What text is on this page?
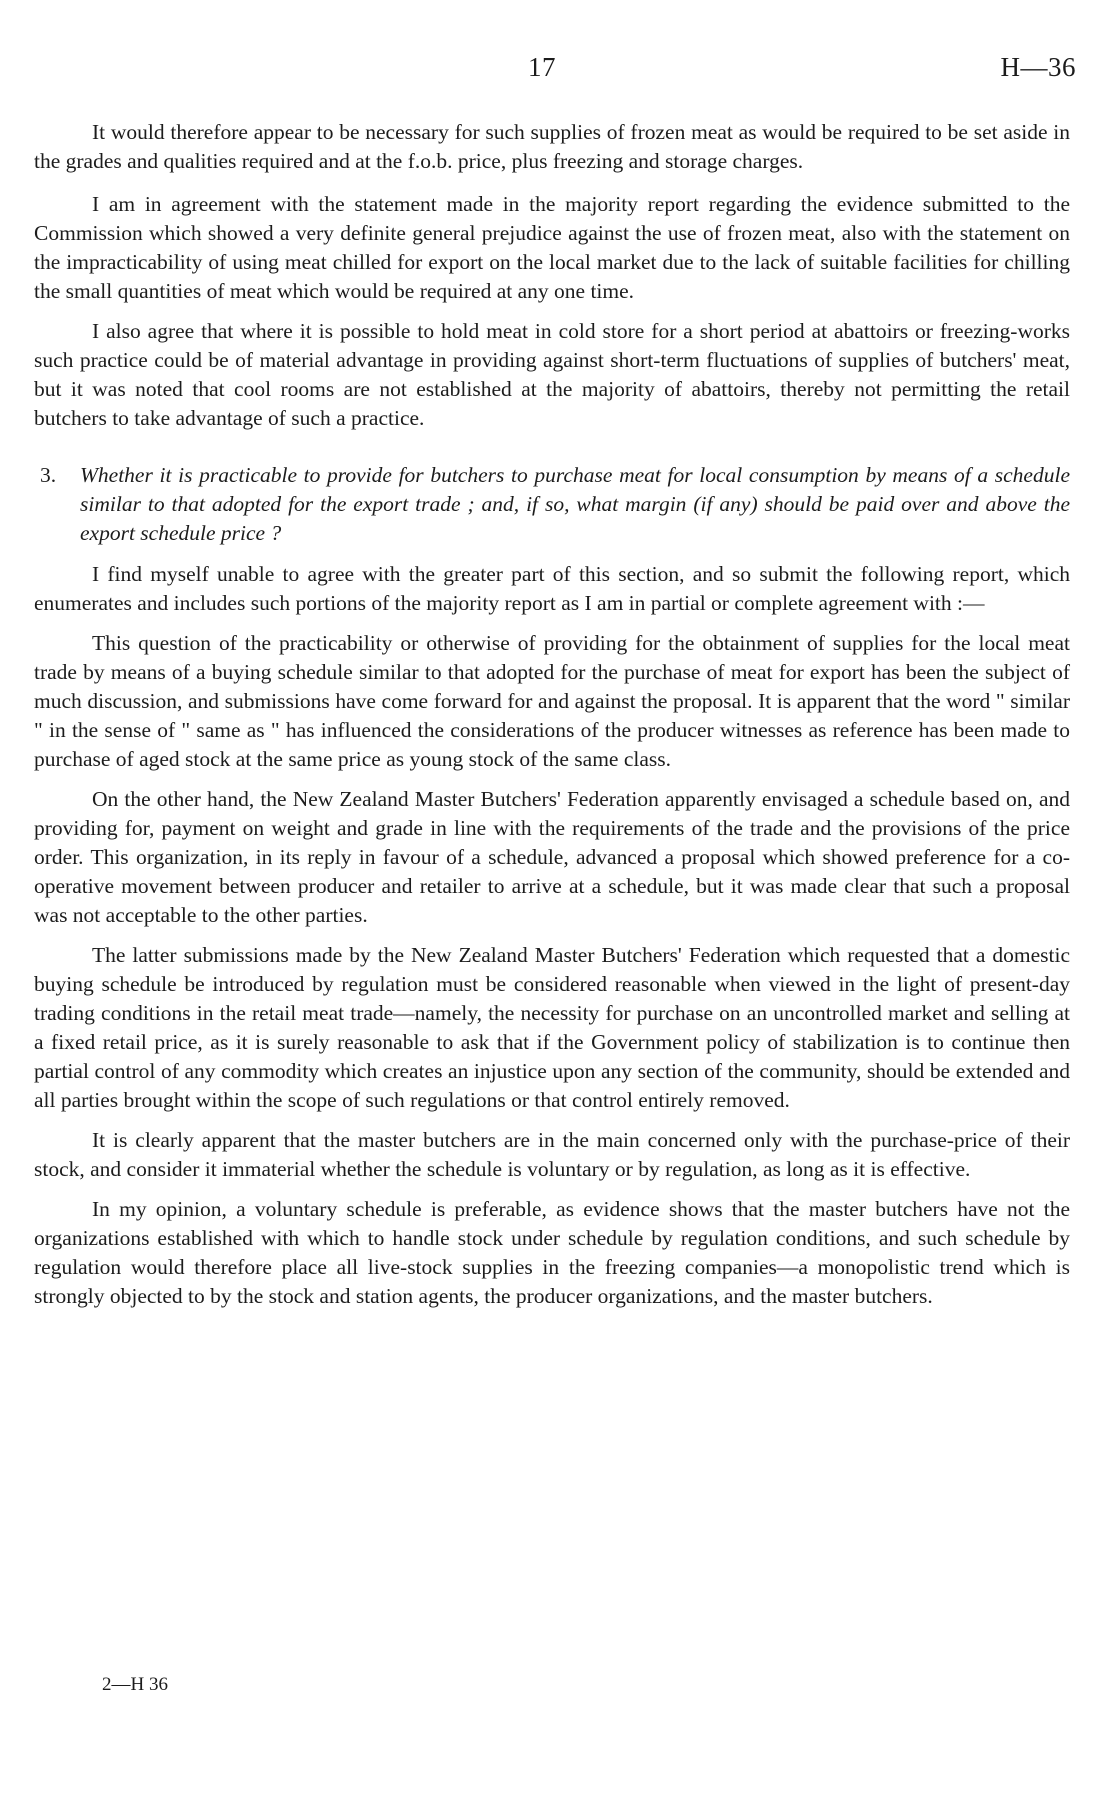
17	H—36

It would therefore appear to be necessary for such supplies of frozen meat as would be required to be set aside in the grades and qualities required and at the f.o.b. price, plus freezing and storage charges.

I am in agreement with the statement made in the majority report regarding the evidence submitted to the Commission which showed a very definite general prejudice against the use of frozen meat, also with the statement on the impracticability of using meat chilled for export on the local market due to the lack of suitable facilities for chilling the small quantities of meat which would be required at any one time.

I also agree that where it is possible to hold meat in cold store for a short period at abattoirs or freezing-works such practice could be of material advantage in providing against short-term fluctuations of supplies of butchers' meat, but it was noted that cool rooms are not established at the majority of abattoirs, thereby not permitting the retail butchers to take advantage of such a practice.

3.	Whether it is practicable to provide for butchers to purchase meat for local consumption by means of a schedule similar to that adopted for the export trade ; and, if so, what margin (if any) should be paid over and above the export schedule price ?

I find myself unable to agree with the greater part of this section, and so submit the following report, which enumerates and includes such portions of the majority report as I am in partial or complete agreement with :—

This question of the practicability or otherwise of providing for the obtainment of supplies for the local meat trade by means of a buying schedule similar to that adopted for the purchase of meat for export has been the subject of much discussion, and submissions have come forward for and against the proposal. It is apparent that the word " similar " in the sense of " same as " has influenced the considerations of the producer witnesses as reference has been made to purchase of aged stock at the same price as young stock of the same class.

On the other hand, the New Zealand Master Butchers' Federation apparently envisaged a schedule based on, and providing for, payment on weight and grade in line with the requirements of the trade and the provisions of the price order. This organization, in its reply in favour of a schedule, advanced a proposal which showed preference for a co-operative movement between producer and retailer to arrive at a schedule, but it was made clear that such a proposal was not acceptable to the other parties.

The latter submissions made by the New Zealand Master Butchers' Federation which requested that a domestic buying schedule be introduced by regulation must be considered reasonable when viewed in the light of present-day trading conditions in the retail meat trade—namely, the necessity for purchase on an uncontrolled market and selling at a fixed retail price, as it is surely reasonable to ask that if the Government policy of stabilization is to continue then partial control of any commodity which creates an injustice upon any section of the community, should be extended and all parties brought within the scope of such regulations or that control entirely removed.

It is clearly apparent that the master butchers are in the main concerned only with the purchase-price of their stock, and consider it immaterial whether the schedule is voluntary or by regulation, as long as it is effective.

In my opinion, a voluntary schedule is preferable, as evidence shows that the master butchers have not the organizations established with which to handle stock under schedule by regulation conditions, and such schedule by regulation would therefore place all live-stock supplies in the freezing companies—a monopolistic trend which is strongly objected to by the stock and station agents, the producer organizations, and the master butchers.

2—H 36
